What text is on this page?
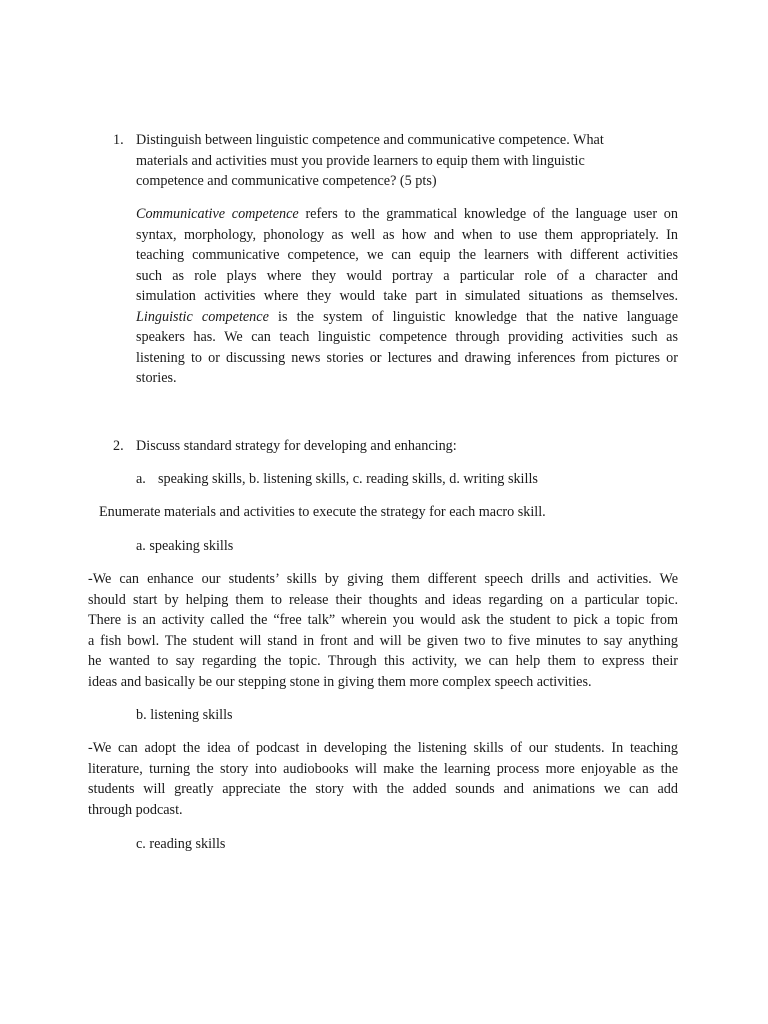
1. Distinguish between linguistic competence and communicative competence. What
materials and activities must you provide learners to equip them with linguistic
competence and communicative competence? (5 pts)
Communicative competence refers to the grammatical knowledge of the language user on
syntax, morphology, phonology as well as how and when to use them appropriately. In
teaching communicative competence, we can equip the learners with different activities
such as role plays where they would portray a particular role of a character and
simulation activities where they would take part in simulated situations as themselves.
Linguistic competence is the system of linguistic knowledge that the native language
speakers has. We can teach linguistic competence through providing activities such as
listening to or discussing news stories or lectures and drawing inferences from pictures or
stories.
2. Discuss standard strategy for developing and enhancing:
a. speaking skills, b. listening skills, c. reading skills, d. writing skills
Enumerate materials and activities to execute the strategy for each macro skill.
a. speaking skills
-We can enhance our students’ skills by giving them different speech drills and activities. We
should start by helping them to release their thoughts and ideas regarding on a particular topic.
There is an activity called the “free talk” wherein you would ask the student to pick a topic from
a fish bowl. The student will stand in front and will be given two to five minutes to say anything
he wanted to say regarding the topic. Through this activity, we can help them to express their
ideas and basically be our stepping stone in giving them more complex speech activities.
b. listening skills
-We can adopt the idea of podcast in developing the listening skills of our students. In teaching
literature, turning the story into audiobooks will make the learning process more enjoyable as the
students will greatly appreciate the story with the added sounds and animations we can add
through podcast.
c. reading skills
